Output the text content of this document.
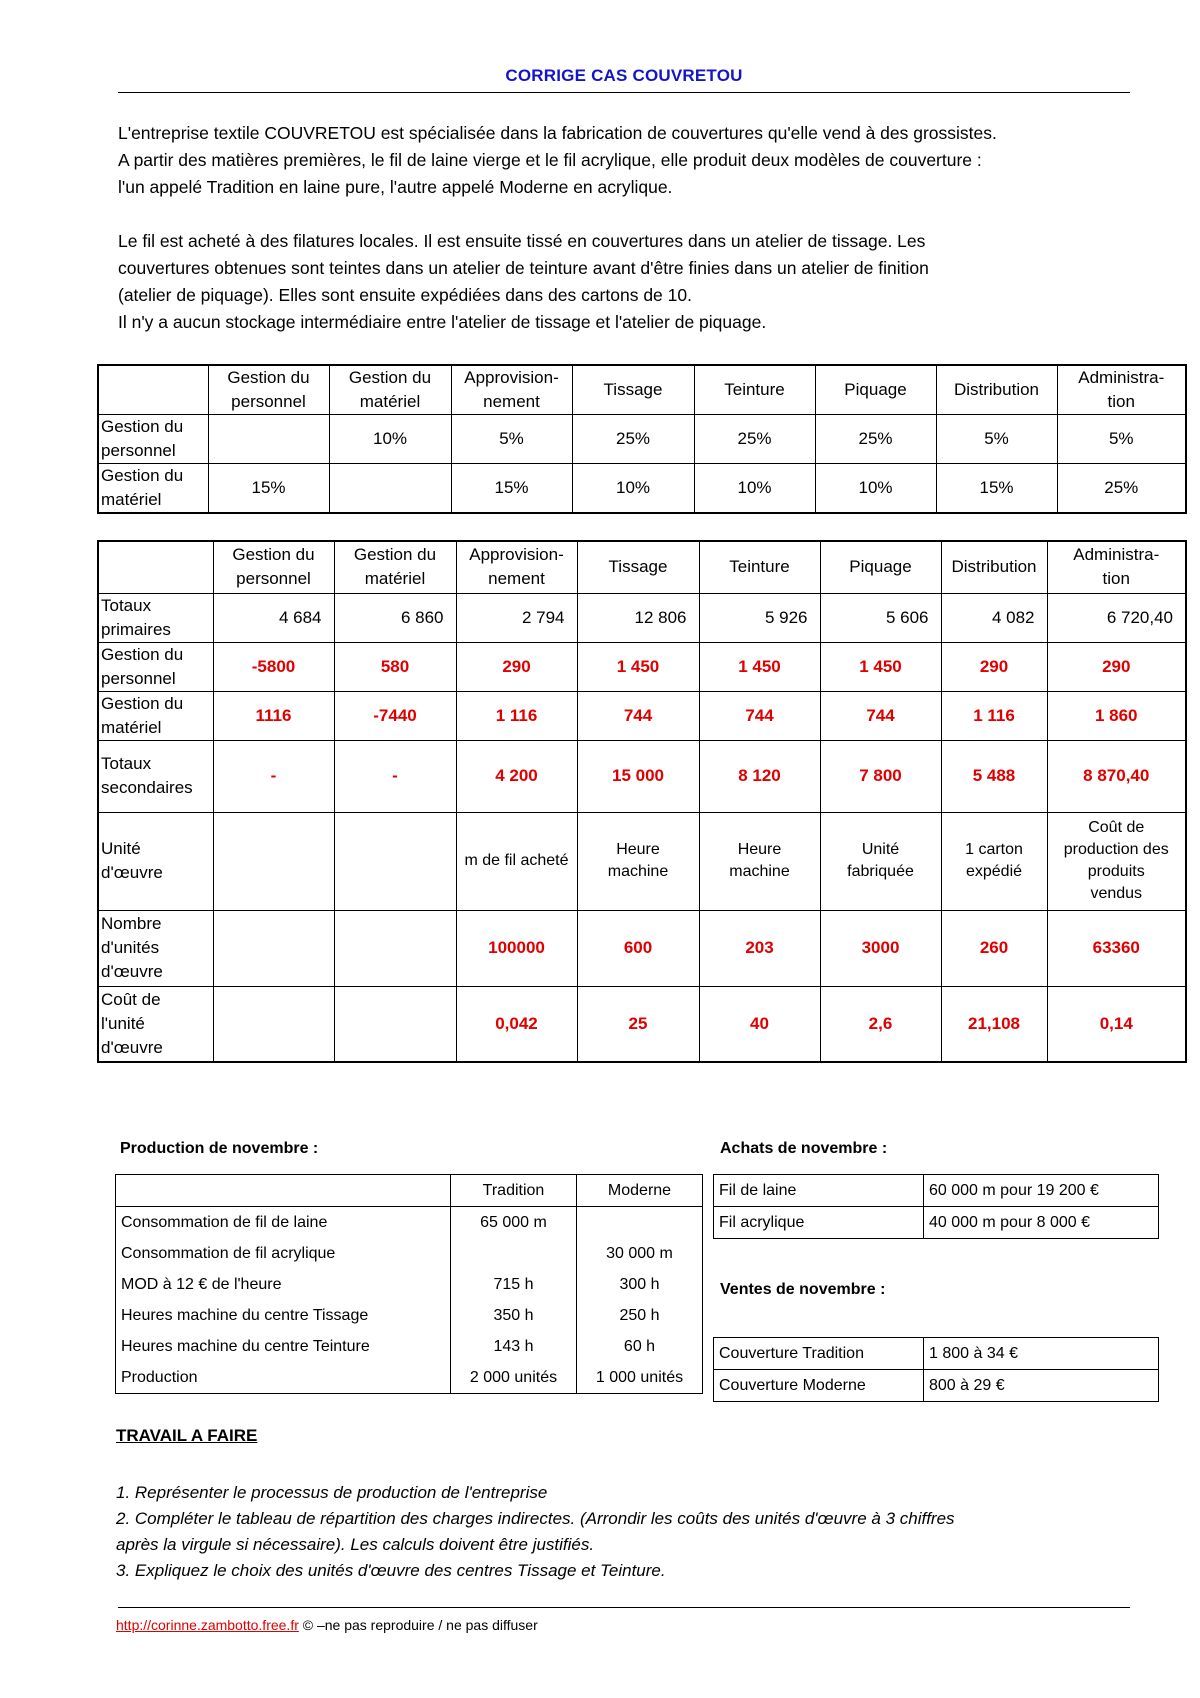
CORRIGE CAS COUVRETOU

L'entreprise textile COUVRETOU est spécialisée dans la fabrication de couvertures qu'elle vend à des grossistes.

A partir des matières premières, le fil de laine vierge et le fil acrylique, elle produit deux modèles de couverture :

l'un appelé Tradition en laine pure, l'autre appelé Moderne en acrylique.

Le fil est acheté à des filatures locales. Il est ensuite tissé en couvertures dans un atelier de tissage. Les

couvertures obtenues sont teintes dans un atelier de teinture avant d'être finies dans un atelier de finition

(atelier de piquage). Elles sont ensuite expédiées dans des cartons de 10.

Il n'y a aucun stockage intermédiaire entre l'atelier de tissage et l'atelier de piquage.

	Gestion du
personnel	Gestion du
matériel	Approvision-
nement	Tissage	Teinture	Piquage	Distribution	Administra-
tion
Gestion du
personnel		10%	5%	25%	25%	25%	5%	5%
Gestion du
matériel	15%		15%	10%	10%	10%	15%	25%
	Gestion du
personnel	Gestion du
matériel	Approvision-
nement	Tissage	Teinture	Piquage	Distribution	Administra-
tion
Totaux
primaires	4 684	6 860	2 794	12 806	5 926	5 606	4 082	6 720,40
Gestion du
personnel	-5800	580	290	1 450	1 450	1 450	290	290
Gestion du
matériel	1116	-7440	1 116	744	744	744	1 116	1 860
Totaux
secondaires	-	-	4 200	15 000	8 120	7 800	5 488	8 870,40
Unité
d'œuvre			m de fil acheté	Heure
machine	Heure
machine	Unité
fabriquée	1 carton
expédié	Coût de
production des
produits
vendus
Nombre
d'unités
d'œuvre			100000	600	203	3000	260	63360
Coût de
l'unité
d'œuvre			0,042	25	40	2,6	21,108	0,14
Production de novembre :	Achats de novembre :
	Tradition	Moderne
Consommation de fil de laine	65 000 m	
Consommation de fil acrylique		30 000 m
MOD à 12 € de l'heure	715 h	300 h
Heures machine du centre Tissage	350 h	250 h
Heures machine du centre Teinture	143 h	60 h
Production	2 000 unités	1 000 unités
Fil de laine	60 000 m pour 19 200 €
Fil acrylique	40 000 m pour 8 000 €
Ventes de novembre :
Couverture Tradition	1 800 à 34 €
Couverture Moderne	800 à 29 €
TRAVAIL A FAIRE

1. Représenter le processus de production de l'entreprise

2. Compléter le tableau de répartition des charges indirectes. (Arrondir les coûts des unités d'œuvre à 3 chiffres

après la virgule si nécessaire). Les calculs doivent être justifiés.

3. Expliquez le choix des unités d'œuvre des centres Tissage et Teinture.

http://corinne.zambotto.free.fr © –ne pas reproduire / ne pas diffuser
